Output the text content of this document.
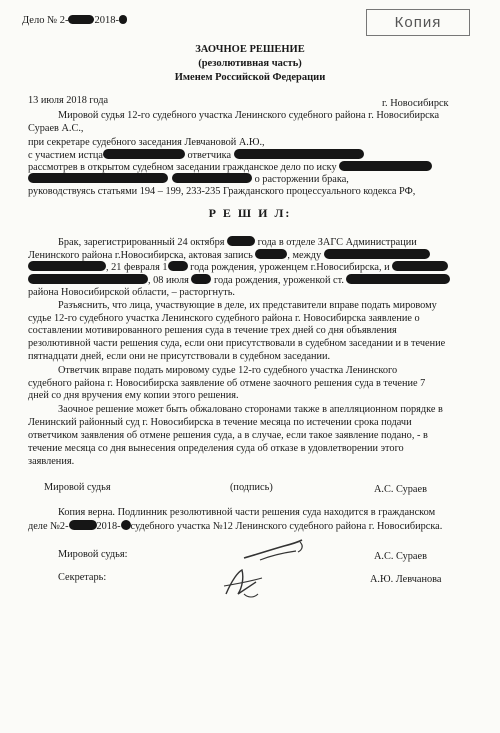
Дело № 2- 2018-	Копия
ЗАОЧНОЕ РЕШЕНИЕ
(резолютивная часть)
Именем Российской Федерации
13 июля 2018 года	г. Новосибирск
Мировой судья 12-го судебного участка Ленинского судебного района г. Новосибирска
Сураев А.С.,
при секретаре судебного заседания Левчановой А.Ю.,
с участием истца	ответчика
рассмотрев в открытом судебном заседании гражданское дело по иску
о расторжении брака,
руководствуясь статьями 194 – 199, 233-235 Гражданского процессуального кодекса РФ,
Р Е Ш И Л:
Брак, зарегистрированный 24 октября	года в отделе ЗАГС Администрации
Ленинского района г.Новосибирска, актовая запись	, между
, 21 февраля 1 года рождения, уроженцем г.Новосибирска, и
, 08 июля года рождения, уроженкой ст.
района Новосибирской области, – расторгнуть.
Разъяснить, что лица, участвующие в деле, их представители вправе подать мировому
судье 12-го судебного участка Ленинского судебного района г. Новосибирска заявление о
составлении мотивированного решения суда в течение трех дней со дня объявления
резолютивной части решения суда, если они присутствовали в судебном заседании и в течение
пятнадцати дней, если они не присутствовали в судебном заседании.
Ответчик вправе подать мировому судье 12-го судебного участка Ленинского
судебного района г. Новосибирска заявление об отмене заочного решения суда в течение 7
дней со дня вручения ему копии этого решения.
Заочное решение может быть обжаловано сторонами также в апелляционном порядке в
Ленинский районный суд г. Новосибирска в течение месяца по истечении срока подачи
ответчиком заявления об отмене решения суда, а в случае, если такое заявление подано, - в
течение месяца со дня вынесения определения суда об отказе в удовлетворении этого
заявления.
Мировой судья	(подпись)	А.С. Сураев
Копия верна. Подлинник резолютивной части решения суда находится в гражданском
деле №2-	2018- судебного участка №12 Ленинского судебного района г. Новосибирска.
Мировой судья:	А.С. Сураев
Секретарь:	А.Ю. Левчанова
